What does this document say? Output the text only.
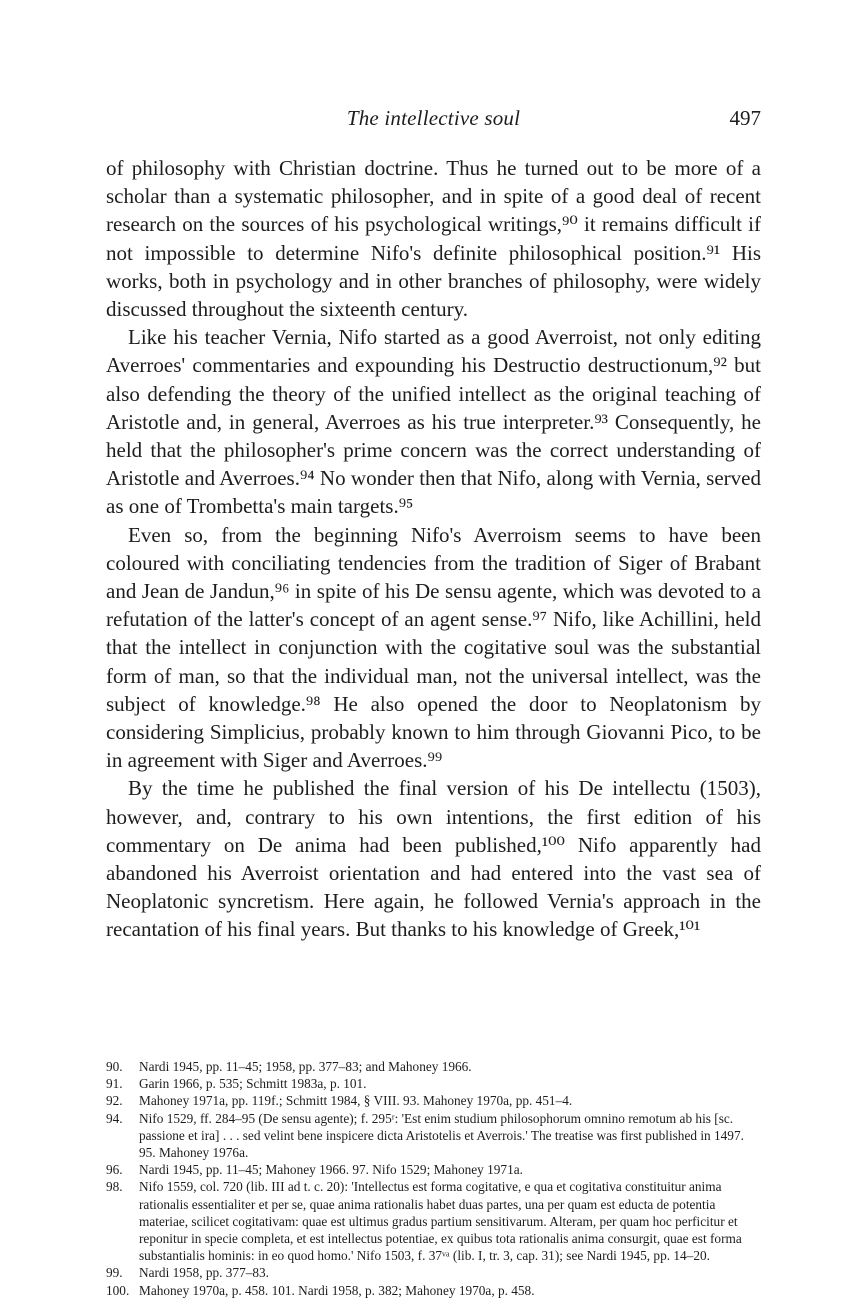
The intellective soul	497

of philosophy with Christian doctrine. Thus he turned out to be more of a scholar than a systematic philosopher, and in spite of a good deal of recent research on the sources of his psychological writings,⁹⁰ it remains difficult if not impossible to determine Nifo's definite philosophical position.⁹¹ His works, both in psychology and in other branches of philosophy, were widely discussed throughout the sixteenth century.

Like his teacher Vernia, Nifo started as a good Averroist, not only editing Averroes' commentaries and expounding his Destructio destructionum,⁹² but also defending the theory of the unified intellect as the original teaching of Aristotle and, in general, Averroes as his true interpreter.⁹³ Consequently, he held that the philosopher's prime concern was the correct understanding of Aristotle and Averroes.⁹⁴ No wonder then that Nifo, along with Vernia, served as one of Trombetta's main targets.⁹⁵

Even so, from the beginning Nifo's Averroism seems to have been coloured with conciliating tendencies from the tradition of Siger of Brabant and Jean de Jandun,⁹⁶ in spite of his De sensu agente, which was devoted to a refutation of the latter's concept of an agent sense.⁹⁷ Nifo, like Achillini, held that the intellect in conjunction with the cogitative soul was the substantial form of man, so that the individual man, not the universal intellect, was the subject of knowledge.⁹⁸ He also opened the door to Neoplatonism by considering Simplicius, probably known to him through Giovanni Pico, to be in agreement with Siger and Averroes.⁹⁹

By the time he published the final version of his De intellectu (1503), however, and, contrary to his own intentions, the first edition of his commentary on De anima had been published,¹⁰⁰ Nifo apparently had abandoned his Averroist orientation and had entered into the vast sea of Neoplatonic syncretism. Here again, he followed Vernia's approach in the recantation of his final years. But thanks to his knowledge of Greek,¹⁰¹

90.	Nardi 1945, pp. 11–45; 1958, pp. 377–83; and Mahoney 1966.
91.	Garin 1966, p. 535; Schmitt 1983a, p. 101.
92.	Mahoney 1971a, pp. 119f.; Schmitt 1984, § VIII. 93. Mahoney 1970a, pp. 451–4.
94.	Nifo 1529, ff. 284–95 (De sensu agente); f. 295ʳ: 'Est enim studium philosophorum omnino remotum ab his [sc. passione et ira] . . . sed velint bene inspicere dicta Aristotelis et Averrois.' The treatise was first published in 1497. 95. Mahoney 1976a.
96.	Nardi 1945, pp. 11–45; Mahoney 1966. 97. Nifo 1529; Mahoney 1971a.
98.	Nifo 1559, col. 720 (lib. III ad t. c. 20): 'Intellectus est forma cogitative, e qua et cogitativa constituitur anima rationalis essentialiter et per se, quae anima rationalis habet duas partes, una per quam est educta de potentia materiae, scilicet cogitativam: quae est ultimus gradus partium sensitivarum. Alteram, per quam hoc perficitur et reponitur in specie completa, et est intellectus potentiae, ex quibus tota rationalis anima consurgit, quae est forma substantialis hominis: in eo quod homo.' Nifo 1503, f. 37ᵛᵃ (lib. I, tr. 3, cap. 31); see Nardi 1945, pp. 14–20.
99.	Nardi 1958, pp. 377–83.
100. Mahoney 1970a, p. 458. 101. Nardi 1958, p. 382; Mahoney 1970a, p. 458.
